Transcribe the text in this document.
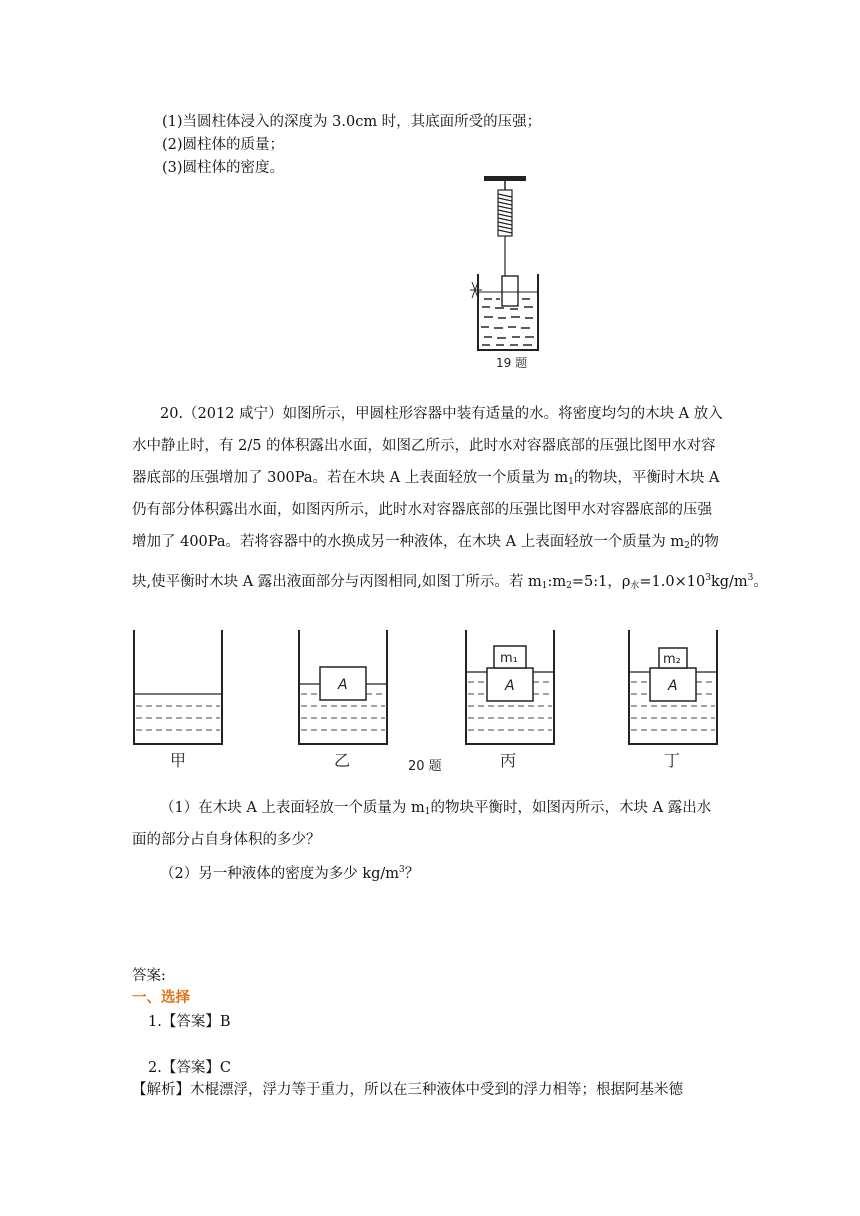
(1)当圆柱体浸入的深度为 3.0cm 时，其底面所受的压强；
(2)圆柱体的质量；
(3)圆柱体的密度。
19 题
20.（2012 咸宁）如图所示，甲圆柱形容器中装有适量的水。将密度均匀的木块 A 放入
水中静止时，有 2/5 的体积露出水面，如图乙所示，此时水对容器底部的压强比图甲水对容
器底部的压强增加了 300Pa。若在木块 A 上表面轻放一个质量为 $m_1$的物块，平衡时木块 A
仍有部分体积露出水面，如图丙所示，此时水对容器底部的压强比图甲水对容器底部的压强
增加了 400Pa。若将容器中的水换成另一种液体，在木块 A 上表面轻放一个质量为 $m_2$的物
块,使平衡时木块 A 露出液面部分与丙图相同,如图丁所示。若 $m_1:m_2=5:1$，$\rho_水=1.0\times 10^3kg/m^3$。
甲
A
乙
A
m₁
丙
A
m₂
丁
20 题
（1）在木块 A 上表面轻放一个质量为 $m_1$的物块平衡时，如图丙所示，木块 A 露出水
面的部分占自身体积的多少？
（2）另一种液体的密度为多少 $kg/m^3$？
答案:
一、选择
1.【答案】B
2.【答案】C
【解析】木棍漂浮，浮力等于重力，所以在三种液体中受到的浮力相等；根据阿基米德
